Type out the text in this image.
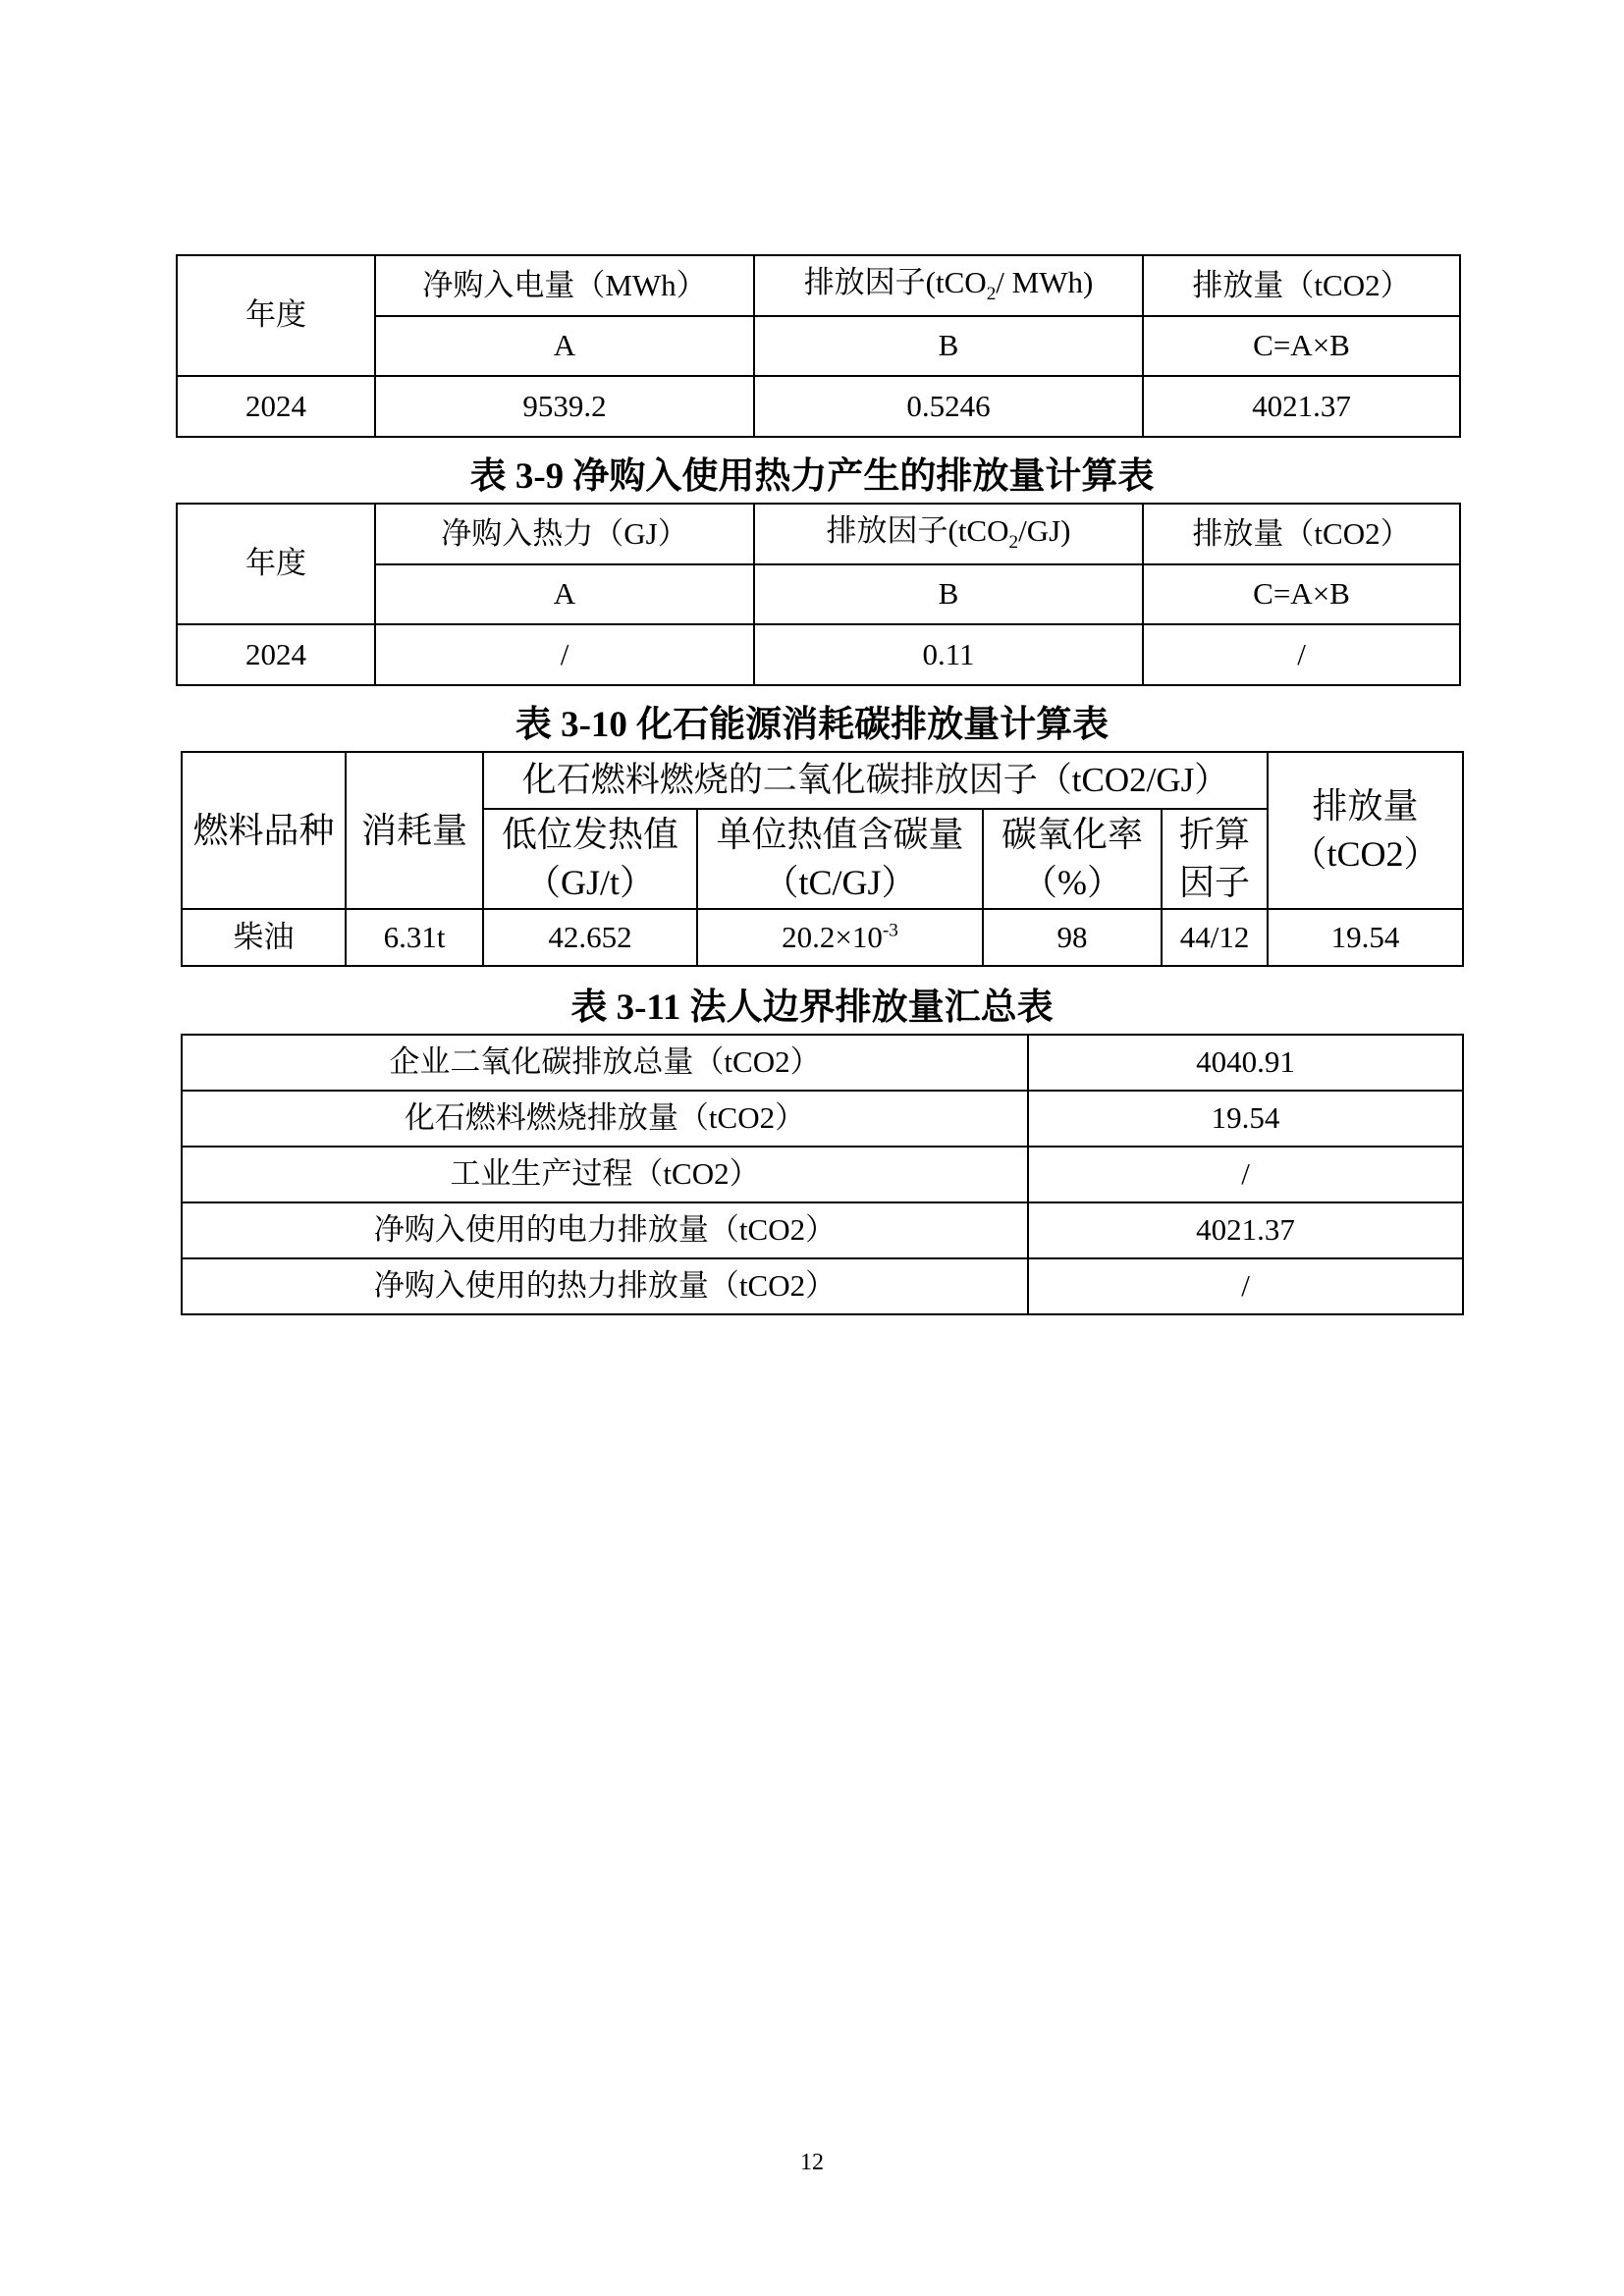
年度	净购入电量（MWh）	排放因子(tCO$_2$/ MWh)	排放量（tCO2）
	A	B	C=A×B
2024	9539.2	0.5246	4021.37
表 3-9 净购入使用热力产生的排放量计算表
年度	净购入热力（GJ）	排放因子(tCO$_2$/GJ)	排放量（tCO2）
	A	B	C=A×B
2024	/	0.11	/
表 3-10 化石能源消耗碳排放量计算表
燃料品种	消耗量	化石燃料燃烧的二氧化碳排放因子（tCO2/GJ）				排放量（tCO2）
		低位发热值（GJ/t）	单位热值含碳量（tC/GJ）	碳氧化率（%）	折算因子	
柴油	6.31t	42.652	$20.2\times 10^{-3}$	98	44/12	19.54
表 3-11 法人边界排放量汇总表
企业二氧化碳排放总量（tCO2）	4040.91
化石燃料燃烧排放量（tCO2）	19.54
工业生产过程（tCO2）	/
净购入使用的电力排放量（tCO2）	4021.37
净购入使用的热力排放量（tCO2）	/
12
